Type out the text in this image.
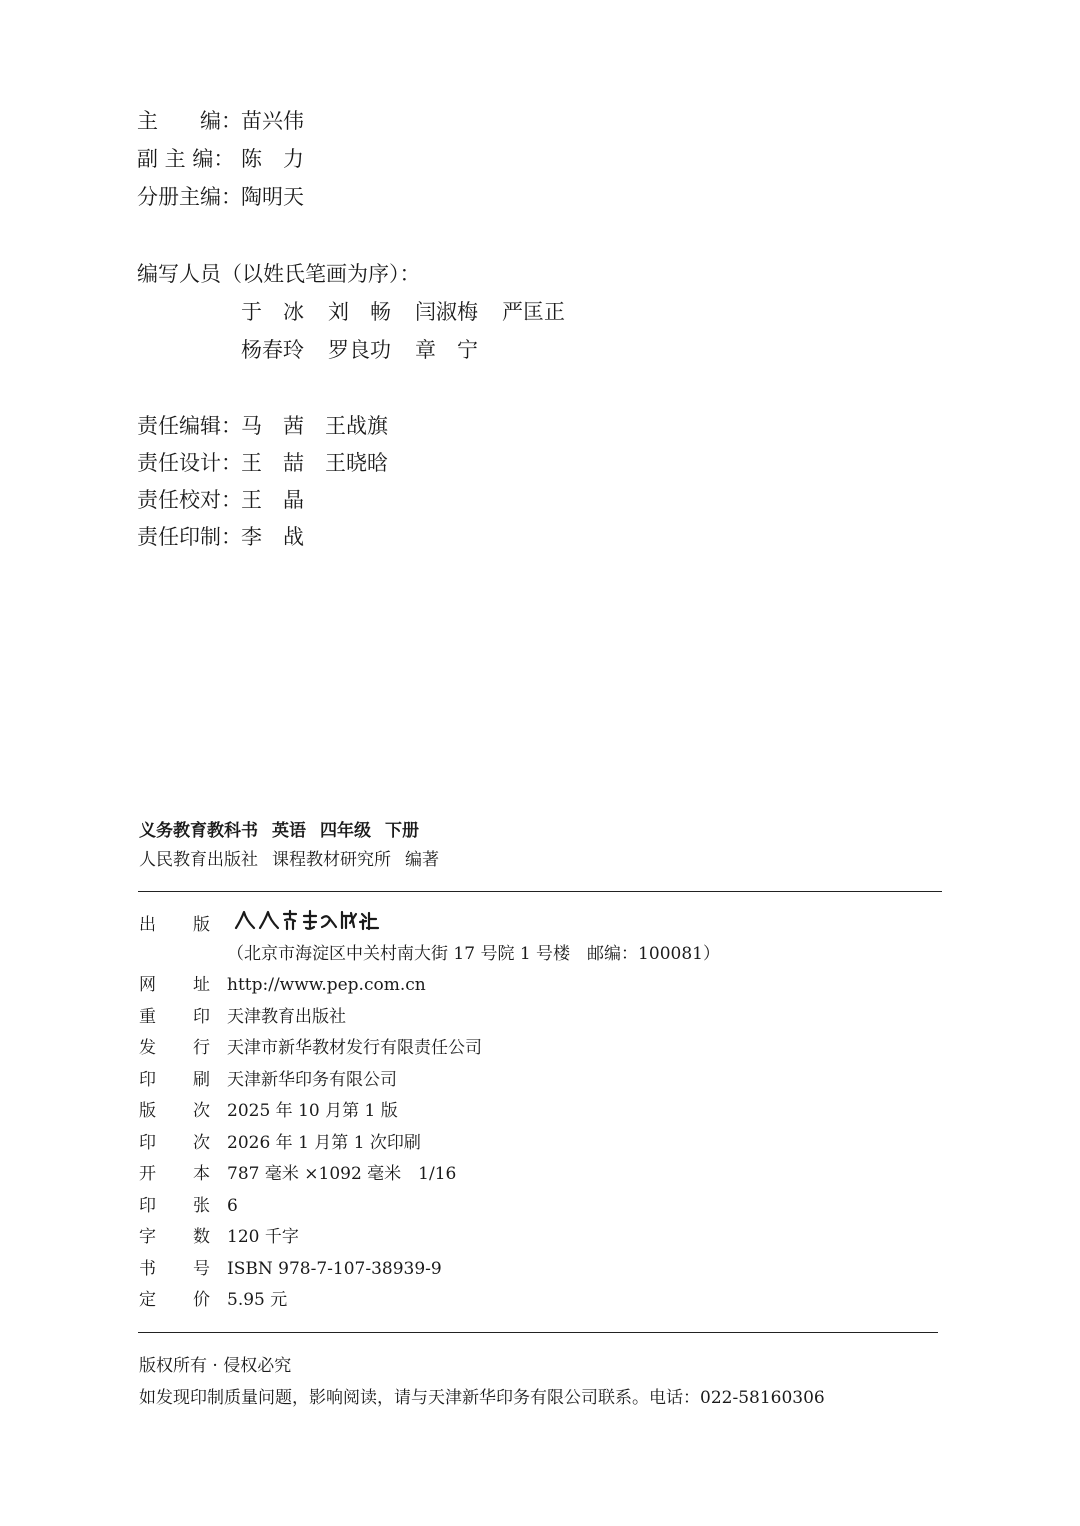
主　　编：苗兴伟
副 主 编： 陈　力
分册主编：陶明天
编写人员（以姓氏笔画为序）：
于　冰 刘　畅 闫淑梅 严匡正
杨春玲 罗良功 章　宁
责任编辑：马　茜　王战旗
责任设计：王　喆　王晓晗
责任校对：王　晶
责任印制：李　战
义务教育教科书 英语 四年级 下册
人民教育出版社 课程教材研究所 编著
出 版
（北京市海淀区中关村南大街 17 号院 1 号楼　邮编：100081）
网 址 http://www.pep.com.cn
重 印 天津教育出版社
发 行 天津市新华教材发行有限责任公司
印 刷 天津新华印务有限公司
版 次 2025 年 10 月第 1 版
印 次 2026 年 1 月第 1 次印刷
开 本 787 毫米 ×1092 毫米　1/16
印 张 6
字 数 120 千字
书 号 ISBN 978-7-107-38939-9
定 价 5.95 元
版权所有 · 侵权必究
如发现印制质量问题，影响阅读，请与天津新华印务有限公司联系。电话：022-58160306
